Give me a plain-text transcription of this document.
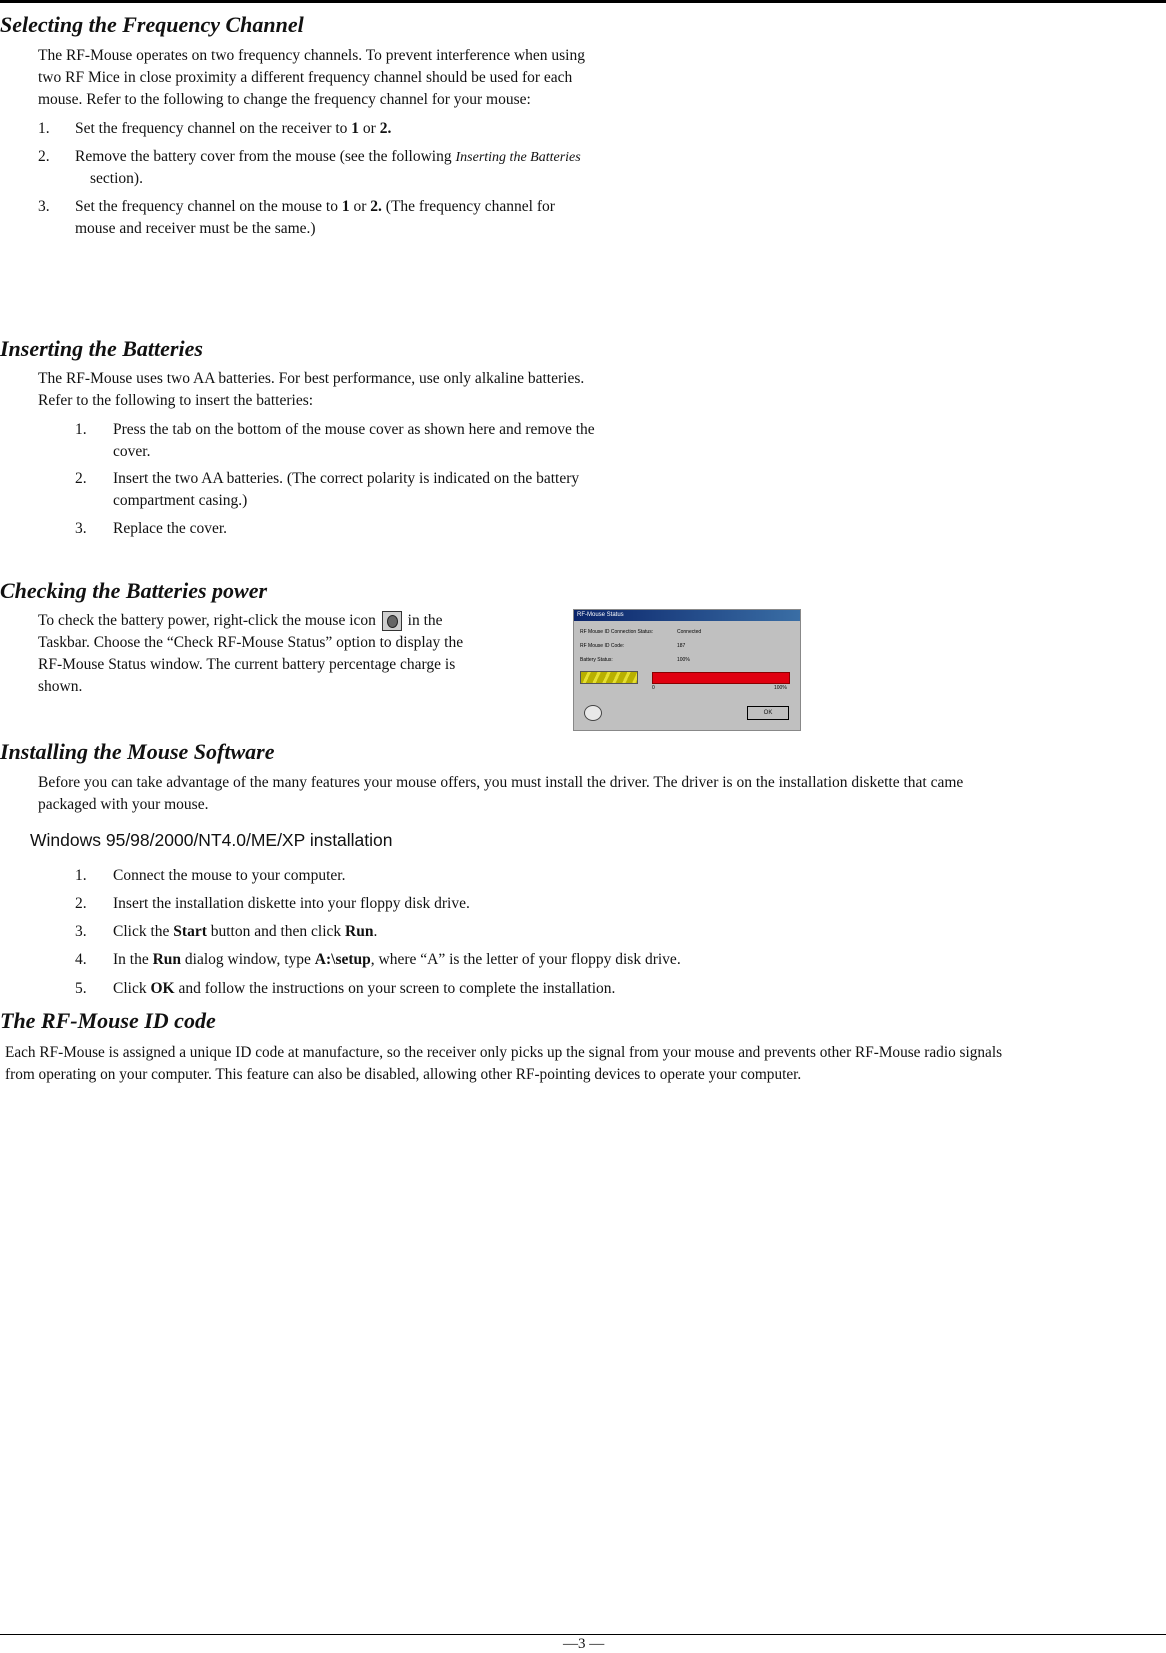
Selecting the Frequency Channel

The RF-Mouse operates on two frequency channels. To prevent interference when using

two RF Mice in close proximity a different frequency channel should be used for each

mouse. Refer to the following to change the frequency channel for your mouse:

1. Set the frequency channel on the receiver to 1 or 2.
2. Remove the battery cover from the mouse (see the following Inserting the Batteries
section).
3. Set the frequency channel on the mouse to 1 or 2. (The frequency channel for
mouse and receiver must be the same.)
Inserting the Batteries

The RF-Mouse uses two AA batteries. For best performance, use only alkaline batteries.

Refer to the following to insert the batteries:

1. Press the tab on the bottom of the mouse cover as shown here and remove the
cover.
2. Insert the two AA batteries. (The correct polarity is indicated on the battery
compartment casing.)
3. Replace the cover.
Checking the Batteries power

To check the battery power, right-click the mouse icon  in the

Taskbar. Choose the “Check RF-Mouse Status” option to display the

RF-Mouse Status window. The current battery percentage charge is

shown.

RF-Mouse Status
RF Mouse ID Connection Status:	Connected
RF Mouse ID Code:	187
Battery Status:	100%
0	100%
OK
Installing the Mouse Software

Before you can take advantage of the many features your mouse offers, you must install the driver. The driver is on the installation diskette that came

packaged with your mouse.

Windows 95/98/2000/NT4.0/ME/XP installation
1. Connect the mouse to your computer.
2. Insert the installation diskette into your floppy disk drive.
3. Click the Start button and then click Run.
4. In the Run dialog window, type A:\setup, where “A” is the letter of your floppy disk drive.
5. Click OK and follow the instructions on your screen to complete the installation.
The RF-Mouse ID code

Each RF-Mouse is assigned a unique ID code at manufacture, so the receiver only picks up the signal from your mouse and prevents other RF-Mouse radio signals

from operating on your computer. This feature can also be disabled, allowing other RF-pointing devices to operate your computer.

—3 —
